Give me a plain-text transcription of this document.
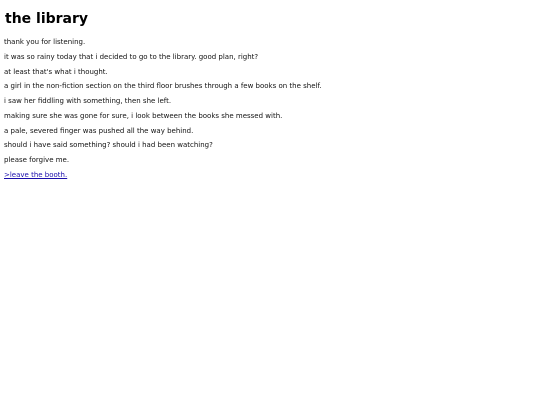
the library

thank you for listening.

it was so rainy today that i decided to go to the library. good plan, right?

at least that's what i thought.

a girl in the non-fiction section on the third floor brushes through a few books on the shelf.

i saw her fiddling with something, then she left.

making sure she was gone for sure, i look between the books she messed with.

a pale, severed finger was pushed all the way behind.

should i have said something? should i had been watching?

please forgive me.

>leave the booth.
